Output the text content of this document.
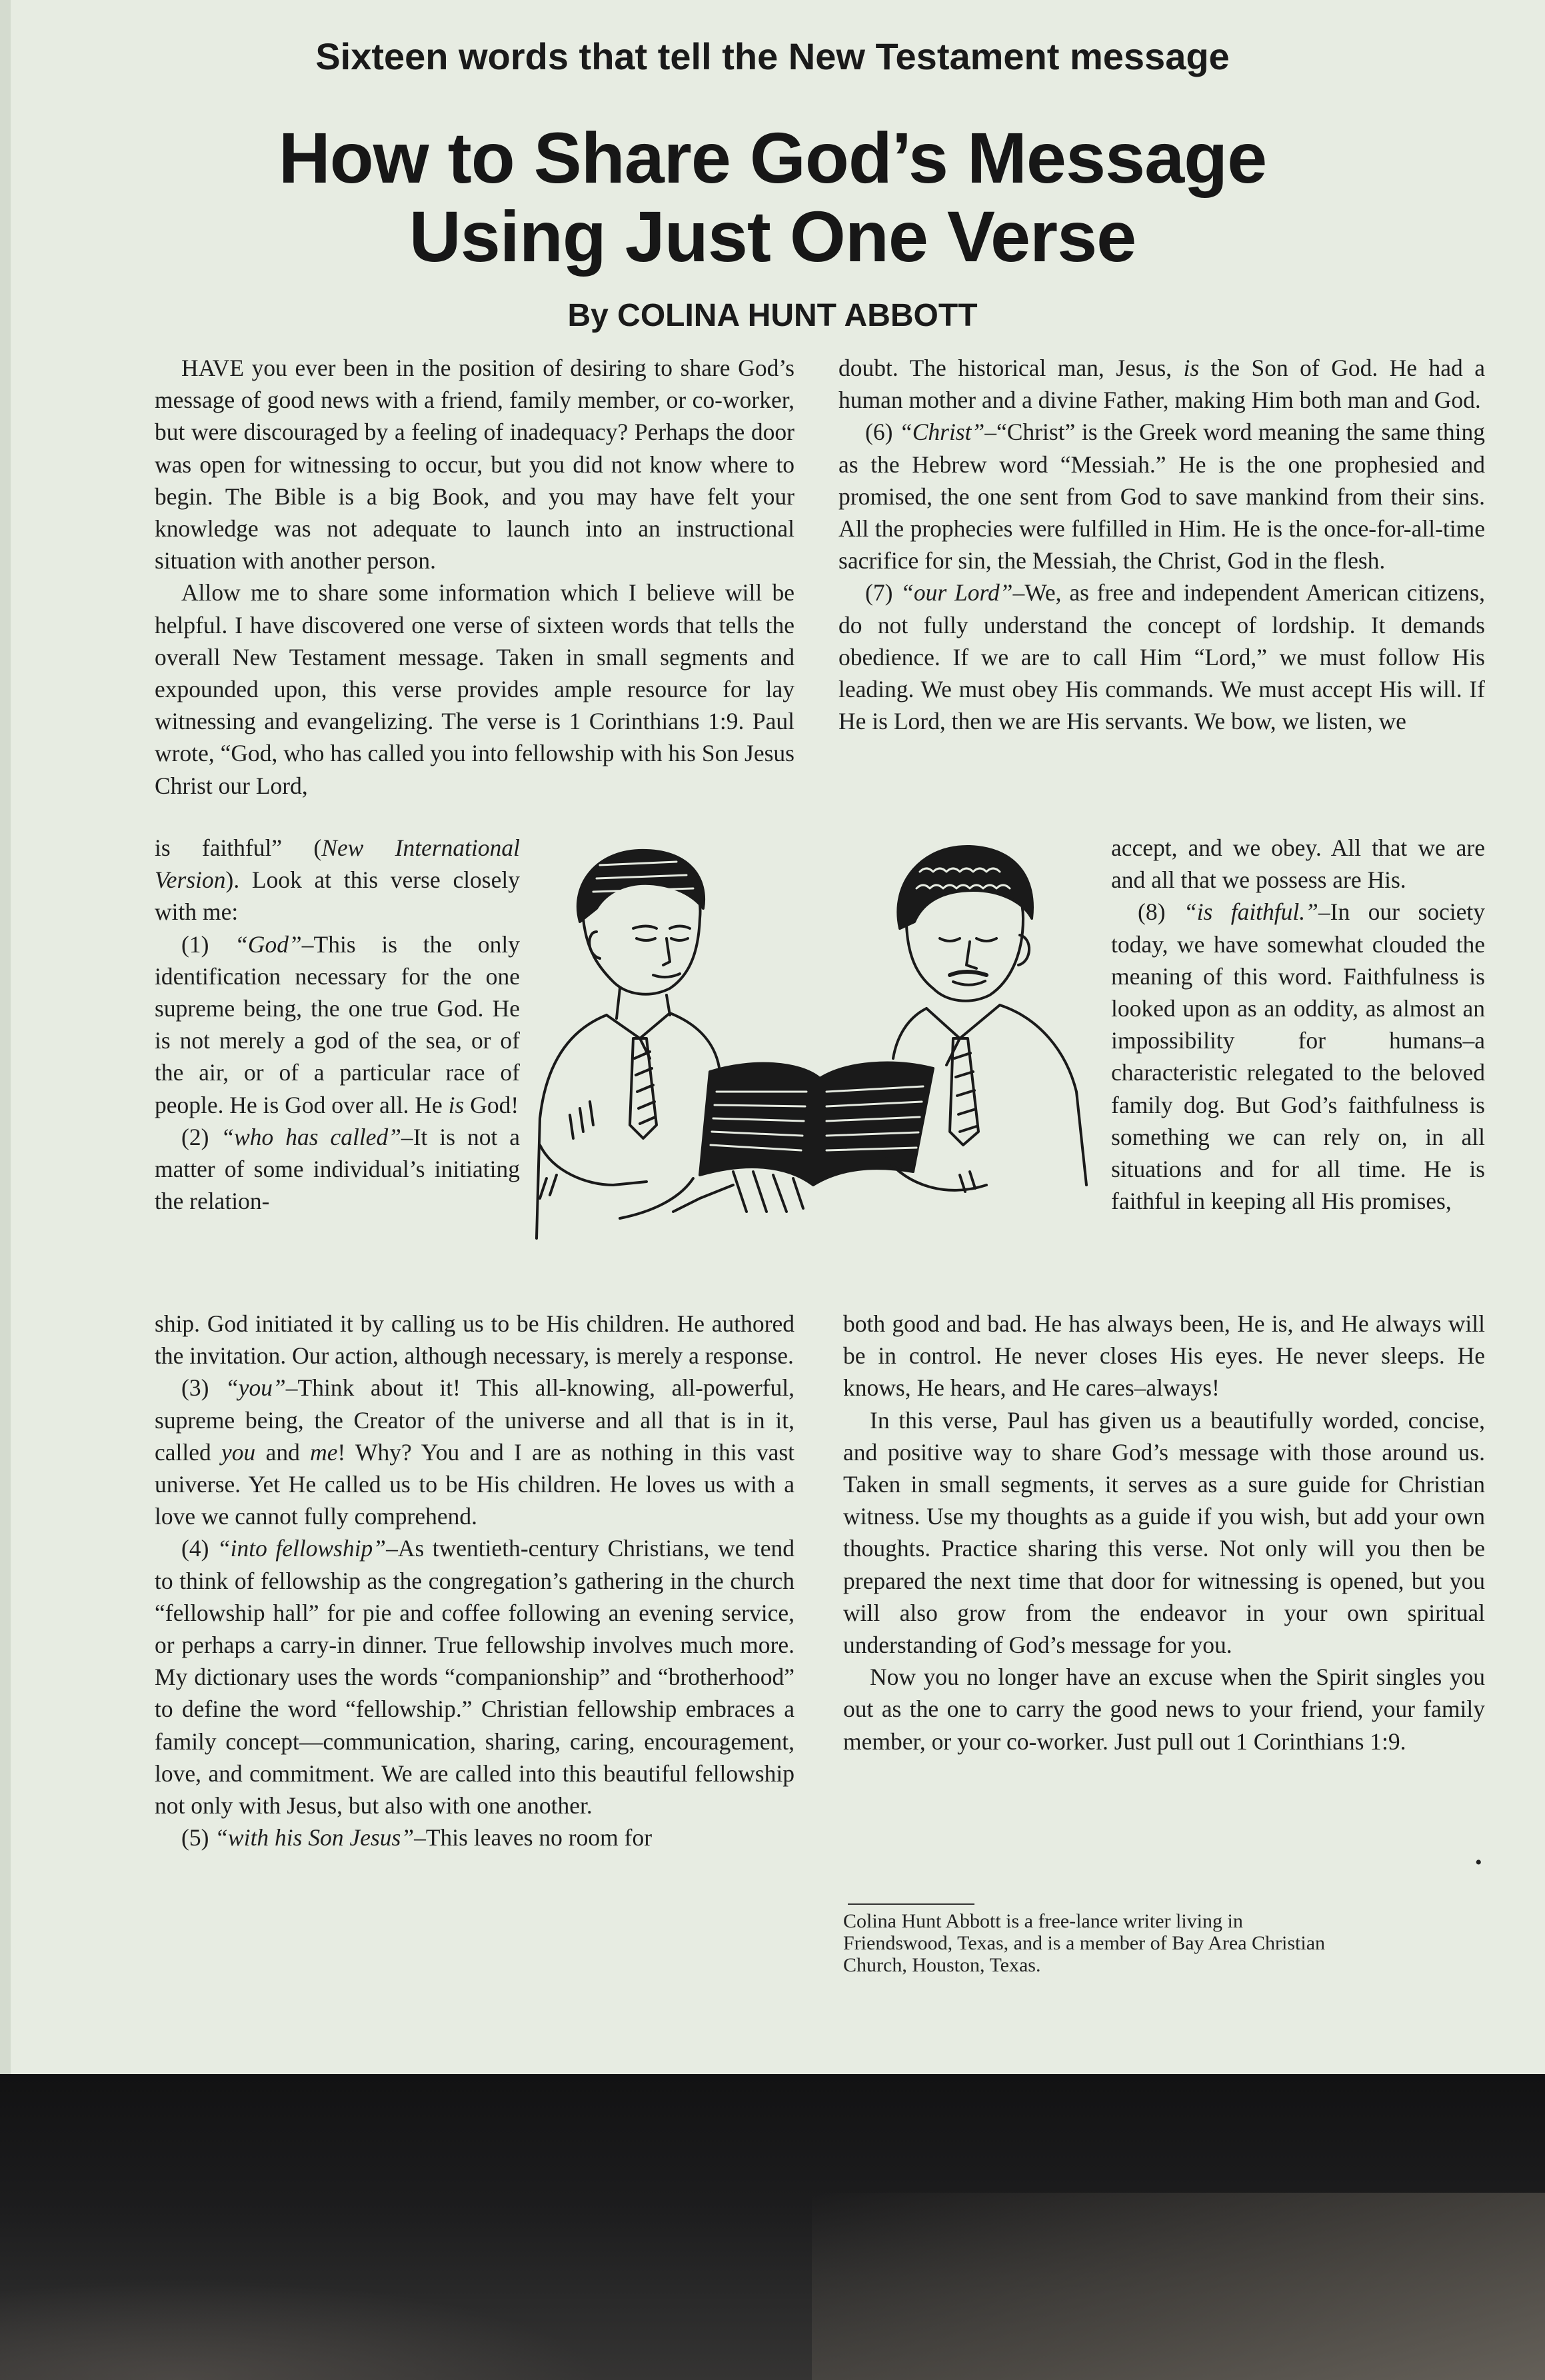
Sixteen words that tell the New Testament message
How to Share God’s Message
Using Just One Verse
By COLINA HUNT ABBOTT

HAVE you ever been in the position of desiring to share God’s message of good news with a friend, family member, or co-worker, but were discouraged by a feeling of inadequacy? Perhaps the door was open for witnessing to occur, but you did not know where to begin. The Bible is a big Book, and you may have felt your knowledge was not adequate to launch into an instructional situation with another person.

Allow me to share some information which I believe will be helpful. I have discovered one verse of sixteen words that tells the overall New Testament message. Taken in small segments and expounded upon, this verse provides ample resource for lay witnessing and evangelizing. The verse is 1 Corinthians 1:9. Paul wrote, “God, who has called you into fellowship with his Son Jesus Christ our Lord,

is faithful” (New International Version). Look at this verse closely with me:

(1) “God”–This is the only identification necessary for the one supreme being, the one true God. He is not merely a god of the sea, or of the air, or of a particular race of people. He is God over all. He is God!

(2) “who has called”–It is not a matter of some individual’s initiating the relation-

ship. God initiated it by calling us to be His children. He authored the invitation. Our action, although necessary, is merely a response.

(3) “you”–Think about it! This all-knowing, all-powerful, supreme being, the Creator of the universe and all that is in it, called you and me! Why? You and I are as nothing in this vast universe. Yet He called us to be His children. He loves us with a love we cannot fully comprehend.

(4) “into fellowship”–As twentieth-century Christians, we tend to think of fellowship as the congregation’s gathering in the church “fellowship hall” for pie and coffee following an evening service, or perhaps a carry-in dinner. True fellowship involves much more. My dictionary uses the words “companionship” and “brotherhood” to define the word “fellowship.” Christian fellowship embraces a family concept—communication, sharing, caring, encouragement, love, and commitment. We are called into this beautiful fellowship not only with Jesus, but also with one another.

(5) “with his Son Jesus”–This leaves no room for

doubt. The historical man, Jesus, is the Son of God. He had a human mother and a divine Father, making Him both man and God.

(6) “Christ”–“Christ” is the Greek word meaning the same thing as the Hebrew word “Messiah.” He is the one prophesied and promised, the one sent from God to save mankind from their sins. All the prophecies were fulfilled in Him. He is the once-for-all-time sacrifice for sin, the Messiah, the Christ, God in the flesh.

(7) “our Lord”–We, as free and independent American citizens, do not fully understand the concept of lordship. It demands obedience. If we are to call Him “Lord,” we must follow His leading. We must obey His commands. We must accept His will. If He is Lord, then we are His servants. We bow, we listen, we

accept, and we obey. All that we are and all that we possess are His.

(8) “is faithful.”–In our society today, we have somewhat clouded the meaning of this word. Faithfulness is looked upon as an oddity, as almost an impossibility for humans–a characteristic relegated to the beloved family dog. But God’s faithfulness is something we can rely on, in all situations and for all time. He is faithful in keeping all His promises,

both good and bad. He has always been, He is, and He always will be in control. He never closes His eyes. He never sleeps. He knows, He hears, and He cares–always!

In this verse, Paul has given us a beautifully worded, concise, and positive way to share God’s message with those around us. Taken in small segments, it serves as a sure guide for Christian witness. Use my thoughts as a guide if you wish, but add your own thoughts. Practice sharing this verse. Not only will you then be prepared the next time that door for witnessing is opened, but you will also grow from the endeavor in your own spiritual understanding of God’s message for you.

Now you no longer have an excuse when the Spirit singles you out as the one to carry the good news to your friend, your family member, or your co-worker. Just pull out 1 Corinthians 1:9.

•
Colina Hunt Abbott is a free-lance writer living in
Friendswood, Texas, and is a member of Bay Area Christian
Church, Houston, Texas.
